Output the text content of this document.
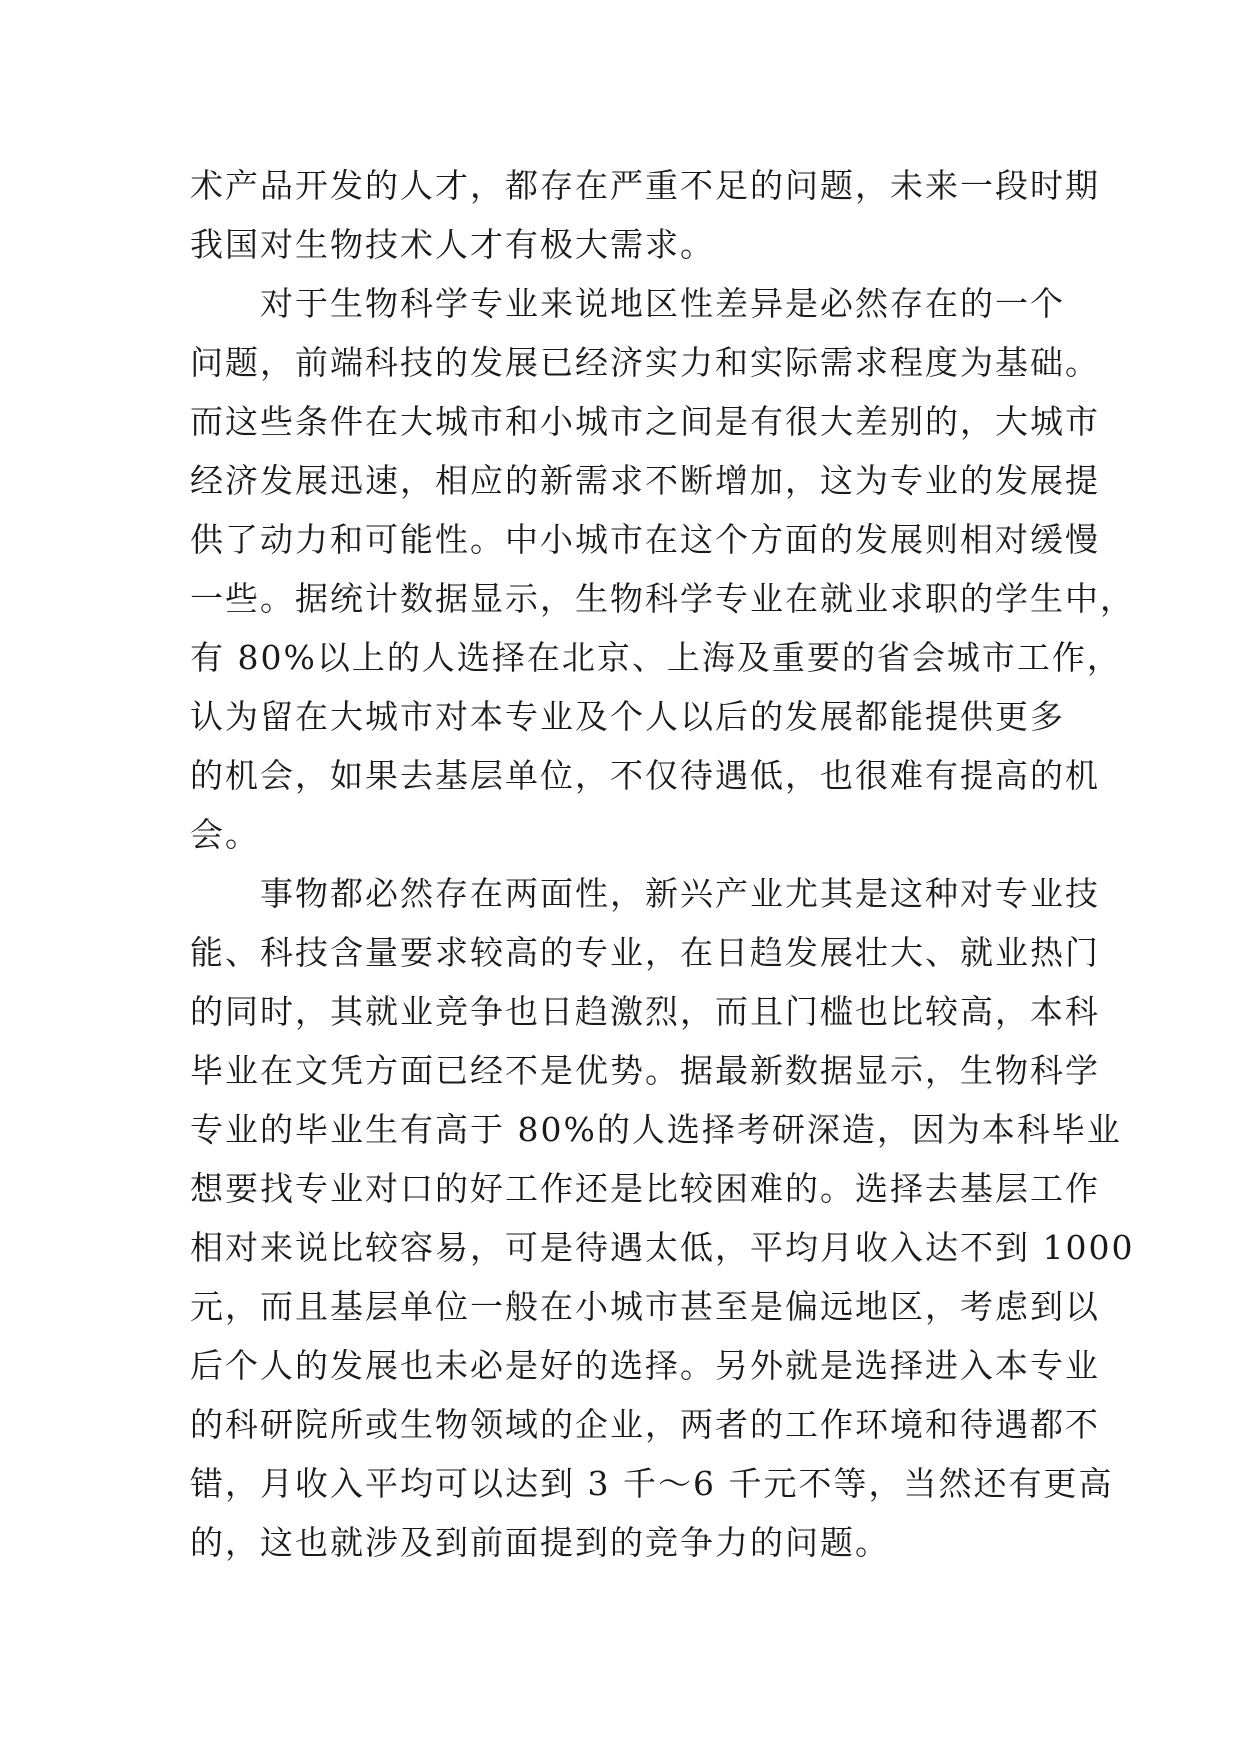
术产品开发的人才，都存在严重不足的问题，未来一段时期
我国对生物技术人才有极大需求。
　　对于生物科学专业来说地区性差异是必然存在的一个
问题，前端科技的发展已经济实力和实际需求程度为基础。
而这些条件在大城市和小城市之间是有很大差别的，大城市
经济发展迅速，相应的新需求不断增加，这为专业的发展提
供了动力和可能性。中小城市在这个方面的发展则相对缓慢
一些。据统计数据显示，生物科学专业在就业求职的学生中，
有 80%以上的人选择在北京、上海及重要的省会城市工作，
认为留在大城市对本专业及个人以后的发展都能提供更多
的机会，如果去基层单位，不仅待遇低，也很难有提高的机
会。
　　事物都必然存在两面性，新兴产业尤其是这种对专业技
能、科技含量要求较高的专业，在日趋发展壮大、就业热门
的同时，其就业竞争也日趋激烈，而且门槛也比较高，本科
毕业在文凭方面已经不是优势。据最新数据显示，生物科学
专业的毕业生有高于 80%的人选择考研深造，因为本科毕业
想要找专业对口的好工作还是比较困难的。选择去基层工作
相对来说比较容易，可是待遇太低，平均月收入达不到 1000
元，而且基层单位一般在小城市甚至是偏远地区，考虑到以
后个人的发展也未必是好的选择。另外就是选择进入本专业
的科研院所或生物领域的企业，两者的工作环境和待遇都不
错，月收入平均可以达到 3 千～6 千元不等，当然还有更高
的，这也就涉及到前面提到的竞争力的问题。
